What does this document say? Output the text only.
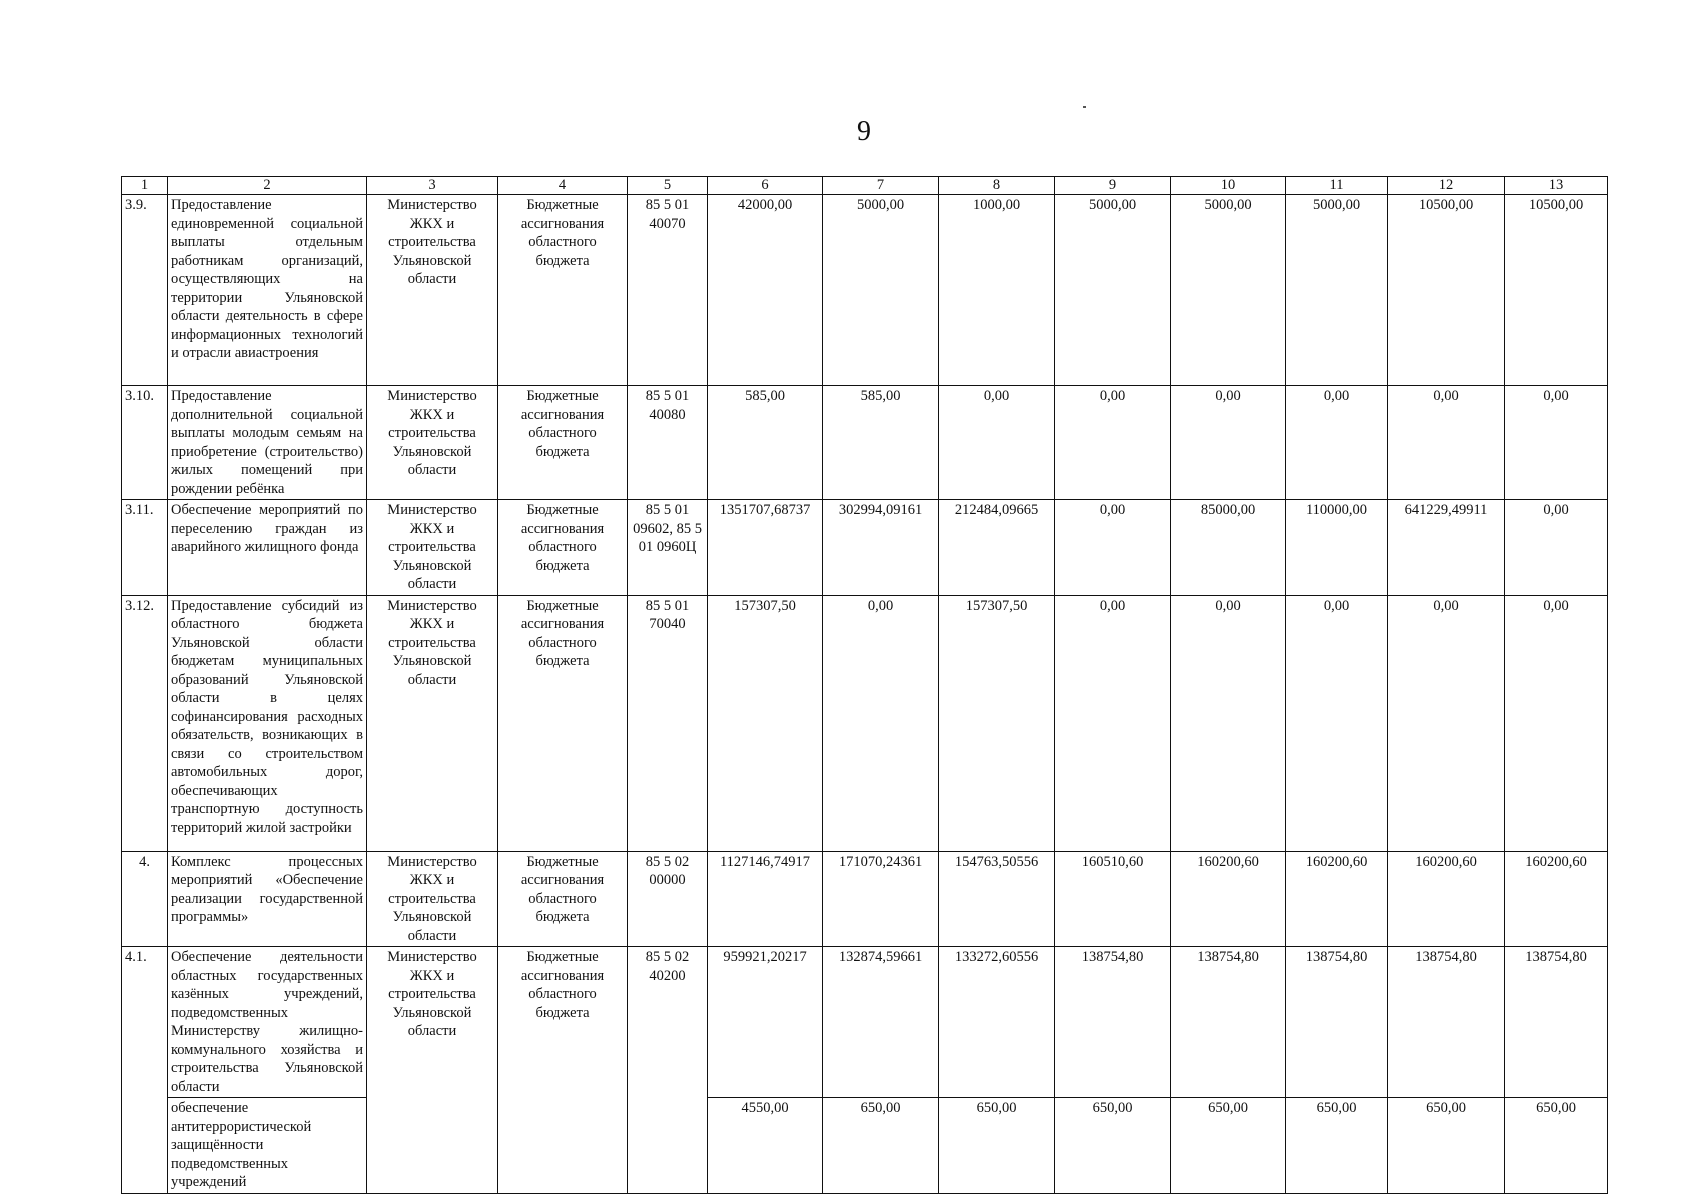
9
1	2	3	4	5	6	7	8	9	10	11	12	13
3.9.	Предоставление единовременной социальной выплаты отдельным работникам организаций, осуществляющих на территории Ульяновской области деятельность в сфере информационных технологий и отрасли авиастроения	Министерство ЖКХ и строительства Ульяновской области	Бюджетные ассигнования областного бюджета	85 5 01 40070	42000,00	5000,00	1000,00	5000,00	5000,00	5000,00	10500,00	10500,00
3.10.	Предоставление дополнительной социальной выплаты молодым семьям на приобретение (строительство) жилых помещений при рождении ребёнка	Министерство ЖКХ и строительства Ульяновской области	Бюджетные ассигнования областного бюджета	85 5 01 40080	585,00	585,00	0,00	0,00	0,00	0,00	0,00	0,00
3.11.	Обеспечение мероприятий по переселению граждан из аварийного жилищного фонда	Министерство ЖКХ и строительства Ульяновской области	Бюджетные ассигнования областного бюджета	85 5 01 09602, 85 5 01 0960Ц	1351707,68737	302994,09161	212484,09665	0,00	85000,00	110000,00	641229,49911	0,00
3.12.	Предоставление субсидий из областного бюджета Ульяновской области бюджетам муниципальных образований Ульяновской области в целях софинансирования расходных обязательств, возникающих в связи со строительством автомобильных дорог, обеспечивающих транспортную доступность территорий жилой застройки	Министерство ЖКХ и строительства Ульяновской области	Бюджетные ассигнования областного бюджета	85 5 01 70040	157307,50	0,00	157307,50	0,00	0,00	0,00	0,00	0,00
4.	Комплекс процессных мероприятий «Обеспечение реализации государственной программы»	Министерство ЖКХ и строительства Ульяновской области	Бюджетные ассигнования областного бюджета	85 5 02 00000	1127146,74917	171070,24361	154763,50556	160510,60	160200,60	160200,60	160200,60	160200,60
4.1.	Обеспечение деятельности областных государственных казённых учреждений, подведомственных Министерству жилищно-коммунального хозяйства и строительства Ульяновской области	Министерство ЖКХ и строительства Ульяновской области	Бюджетные ассигнования областного бюджета	85 5 02 40200	959921,20217	132874,59661	133272,60556	138754,80	138754,80	138754,80	138754,80	138754,80
	обеспечение антитеррористической защищённости подведомственных учреждений				4550,00	650,00	650,00	650,00	650,00	650,00	650,00	650,00
